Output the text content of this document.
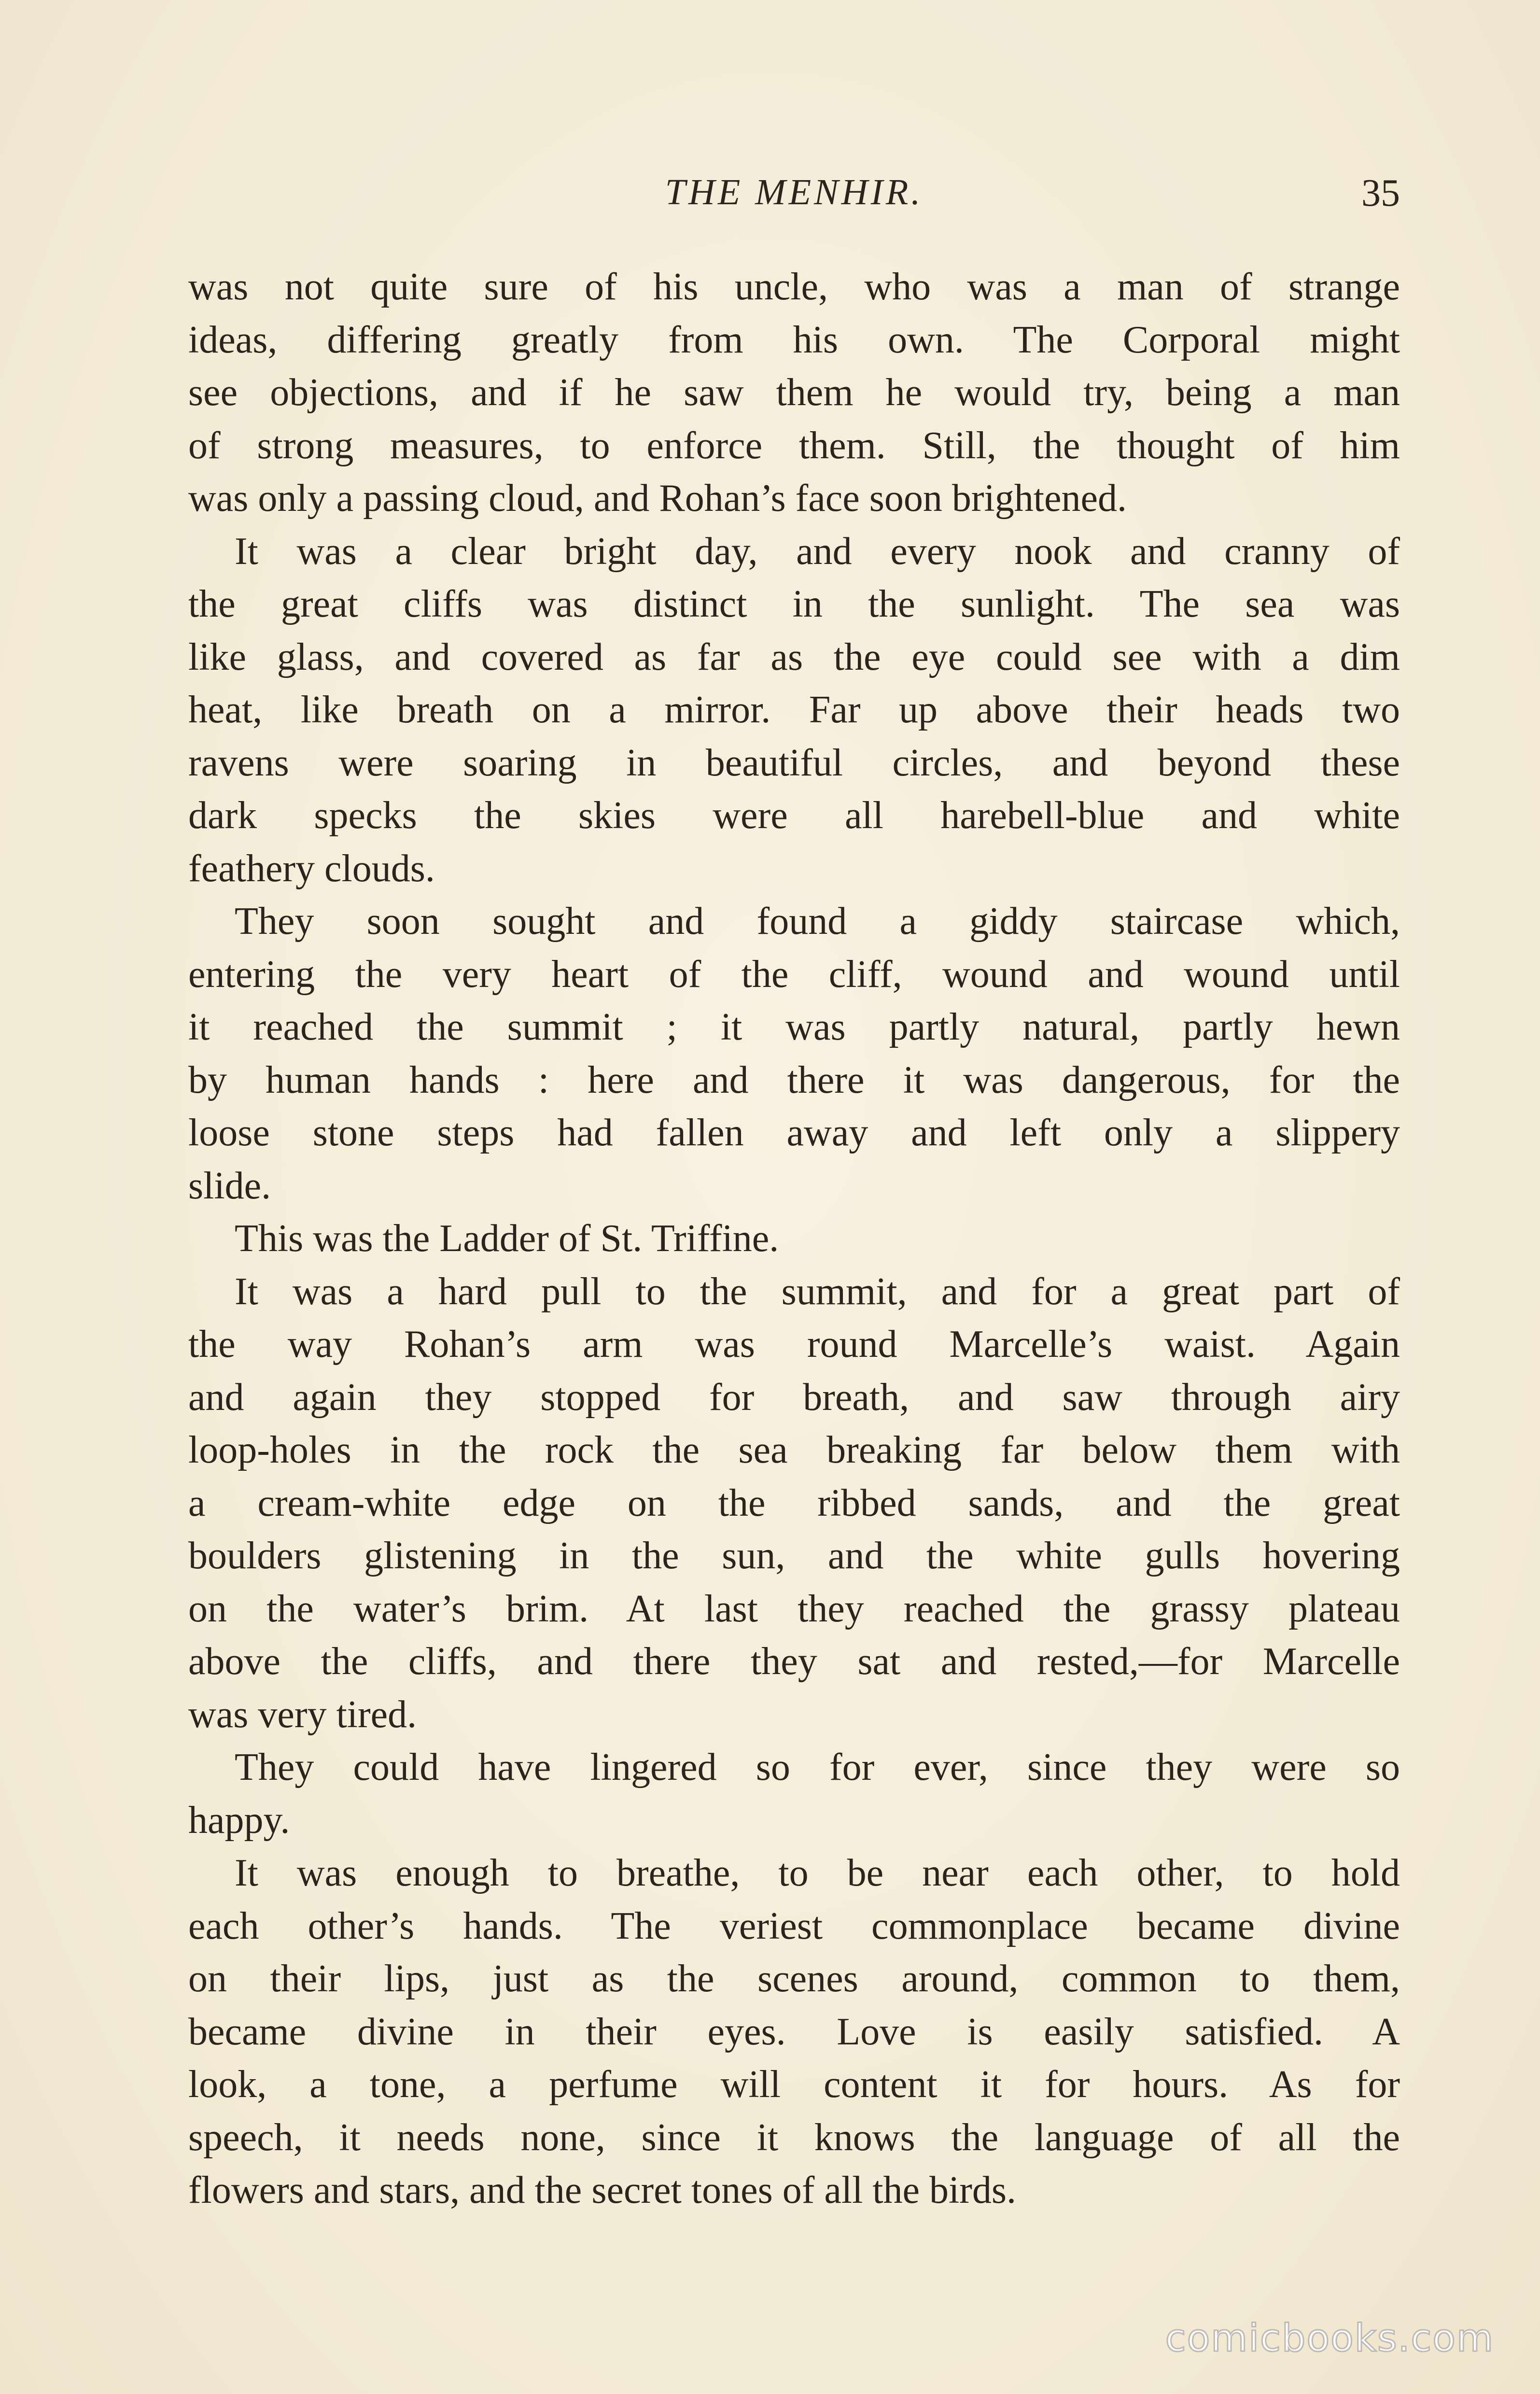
THE MENHIR.	35
was not quite sure of his uncle, who was a man of strange
ideas, differing greatly from his own. The Corporal might
see objections, and if he saw them he would try, being a man
of strong measures, to enforce them. Still, the thought of him
was only a passing cloud, and Rohan’s face soon brightened.
It was a clear bright day, and every nook and cranny of
the great cliffs was distinct in the sunlight. The sea was
like glass, and covered as far as the eye could see with a dim
heat, like breath on a mirror. Far up above their heads two
ravens were soaring in beautiful circles, and beyond these
dark specks the skies were all harebell-blue and white
feathery clouds.
They soon sought and found a giddy staircase which,
entering the very heart of the cliff, wound and wound until
it reached the summit ; it was partly natural, partly hewn
by human hands : here and there it was dangerous, for the
loose stone steps had fallen away and left only a slippery
slide.
This was the Ladder of St. Triffine.
It was a hard pull to the summit, and for a great part of
the way Rohan’s arm was round Marcelle’s waist. Again
and again they stopped for breath, and saw through airy
loop-holes in the rock the sea breaking far below them with
a cream-white edge on the ribbed sands, and the great
boulders glistening in the sun, and the white gulls hovering
on the water’s brim. At last they reached the grassy plateau
above the cliffs, and there they sat and rested,—for Marcelle
was very tired.
They could have lingered so for ever, since they were so
happy.
It was enough to breathe, to be near each other, to hold
each other’s hands. The veriest commonplace became divine
on their lips, just as the scenes around, common to them,
became divine in their eyes. Love is easily satisfied. A
look, a tone, a perfume will content it for hours. As for
speech, it needs none, since it knows the language of all the
flowers and stars, and the secret tones of all the birds.
comicbooks.com
